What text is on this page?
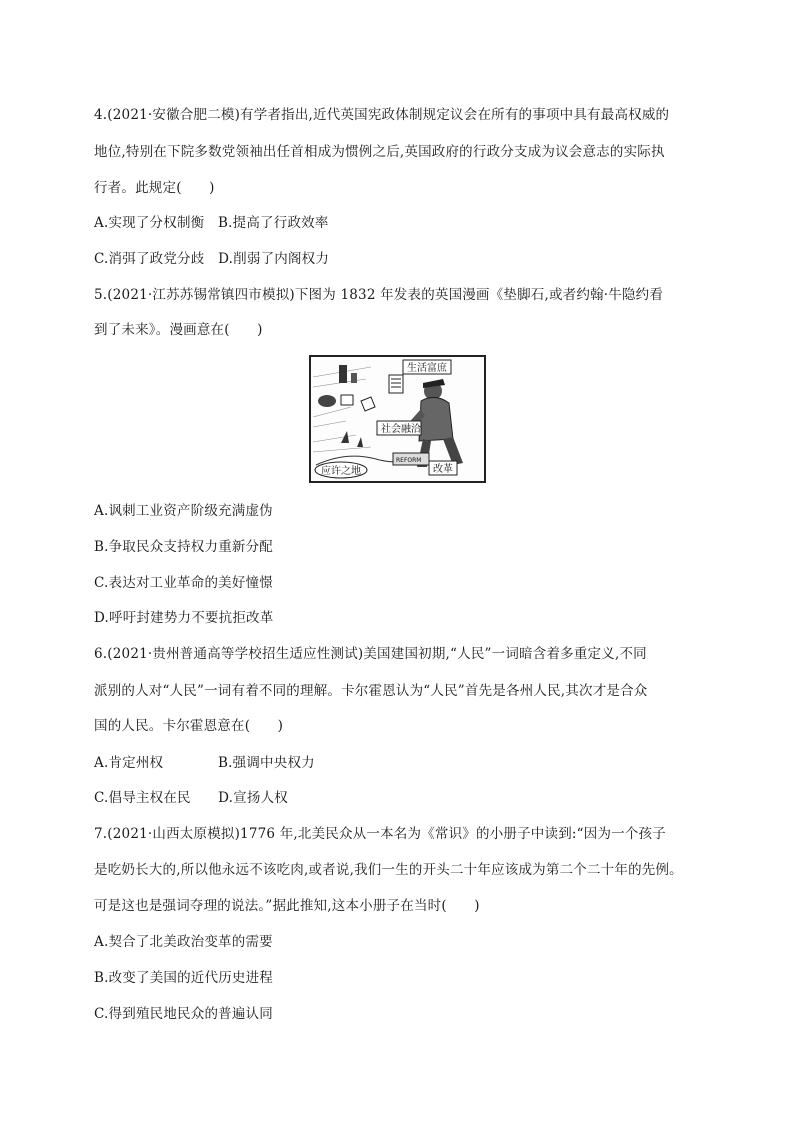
4.(2021·安徽合肥二模)有学者指出,近代英国宪政体制规定议会在所有的事项中具有最高权威的
地位,特别在下院多数党领袖出任首相成为惯例之后,英国政府的行政分支成为议会意志的实际执
行者。此规定(　　)
A.实现了分权制衡　B.提高了行政效率
C.消弭了政党分歧　D.削弱了内阁权力
5.(2021·江苏苏锡常镇四市模拟)下图为 1832 年发表的英国漫画《垫脚石,或者约翰·牛隐约看
到了未来》。漫画意在(　　)
生活富庶
社会融洽
应许之地	改革
REFORM
A.讽刺工业资产阶级充满虚伪
B.争取民众支持权力重新分配
C.表达对工业革命的美好憧憬
D.呼吁封建势力不要抗拒改革
6.(2021·贵州普通高等学校招生适应性测试)美国建国初期,“人民”一词暗含着多重定义,不同
派别的人对“人民”一词有着不同的理解。卡尔霍恩认为“人民”首先是各州人民,其次才是合众
国的人民。卡尔霍恩意在(　　)
A.肯定州权　　　　B.强调中央权力
C.倡导主权在民　　D.宣扬人权
7.(2021·山西太原模拟)1776 年,北美民众从一本名为《常识》的小册子中读到:“因为一个孩子
是吃奶长大的,所以他永远不该吃肉,或者说,我们一生的开头二十年应该成为第二个二十年的先例。
可是这也是强词夺理的说法。”据此推知,这本小册子在当时(　　)
A.契合了北美政治变革的需要
B.改变了美国的近代历史进程
C.得到殖民地民众的普遍认同
